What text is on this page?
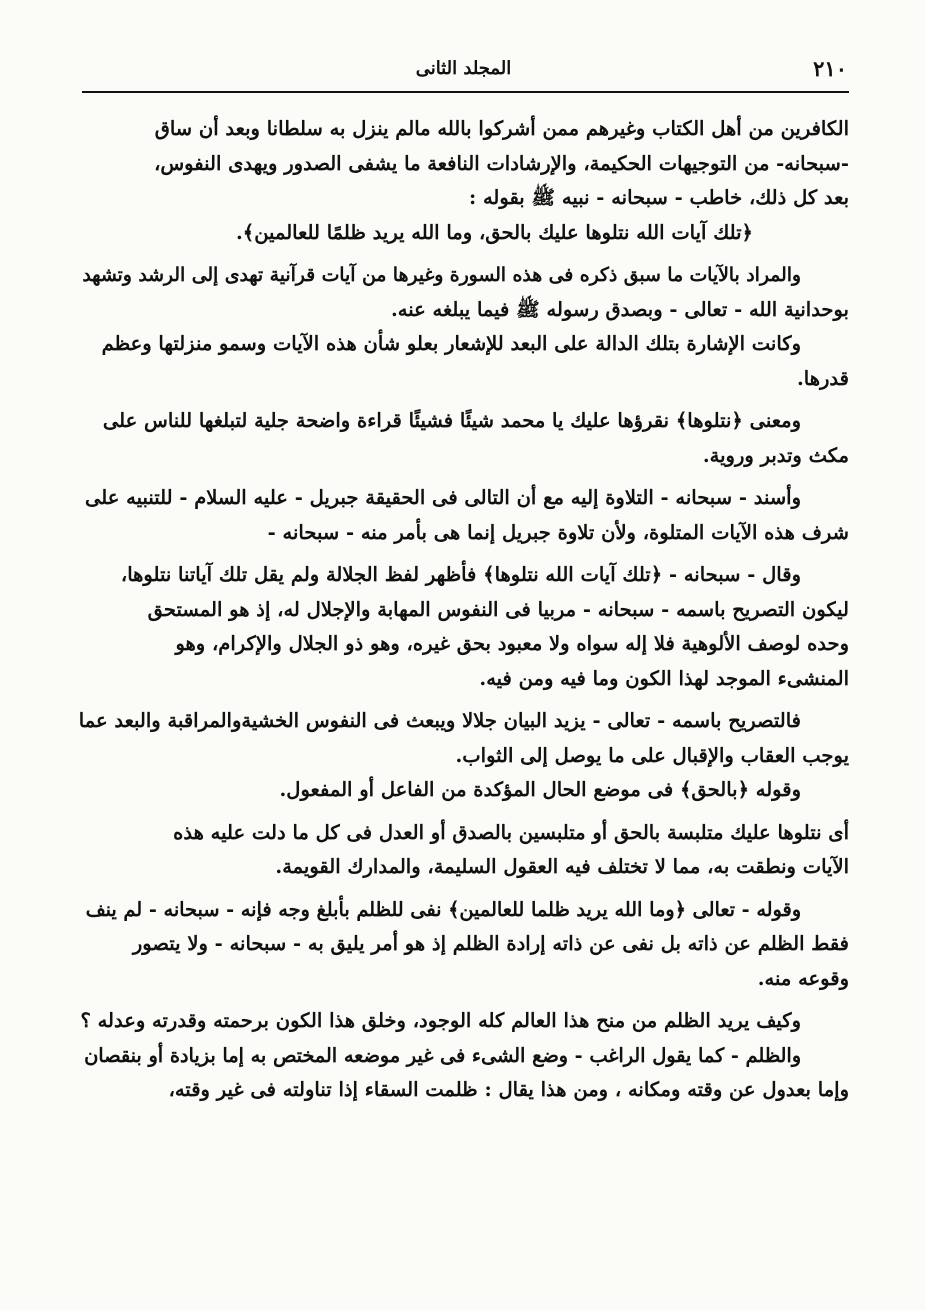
٢١٠
المجلد الثانى
الكافرين من أهل الكتاب وغيرهم ممن أشركوا بالله مالم ينزل به سلطانا وبعد أن ساق
-سبحانه- من التوجيهات الحكيمة، والإرشادات النافعة ما يشفى الصدور ويهدى النفوس،
بعد كل ذلك، خاطب - سبحانه - نبيه ﷺ بقوله :
﴿تلك آيات الله نتلوها عليك بالحق، وما الله يريد ظلمًا للعالمين﴾.
والمراد بالآيات ما سبق ذكره فى هذه السورة وغيرها من آيات قرآنية تهدى إلى الرشد وتشهد
بوحدانية الله - تعالى - وبصدق رسوله ﷺ فيما يبلغه عنه.
وكانت الإشارة بتلك الدالة على البعد للإشعار بعلو شأن هذه الآيات وسمو منزلتها وعظم
قدرها.
ومعنى ﴿نتلوها﴾ نقرؤها عليك يا محمد شيئًا فشيئًا قراءة واضحة جلية لتبلغها للناس على
مكث وتدبر وروية.
وأسند - سبحانه - التلاوة إليه مع أن التالى فى الحقيقة جبريل - عليه السلام - للتنبيه على
شرف هذه الآيات المتلوة، ولأن تلاوة جبريل إنما هى بأمر منه - سبحانه -
وقال - سبحانه - ﴿تلك آيات الله نتلوها﴾ فأظهر لفظ الجلالة ولم يقل تلك آياتنا نتلوها،
ليكون التصريح باسمه - سبحانه - مربيا فى النفوس المهابة والإجلال له، إذ هو المستحق
وحده لوصف الألوهية فلا إله سواه ولا معبود بحق غيره، وهو ذو الجلال والإكرام، وهو
المنشىء الموجد لهذا الكون وما فيه ومن فيه.
فالتصريح باسمه - تعالى - يزيد البيان جلالا ويبعث فى النفوس الخشيةوالمراقبة والبعد عما
يوجب العقاب والإقبال على ما يوصل إلى الثواب.
وقوله ﴿بالحق﴾ فى موضع الحال المؤكدة من الفاعل أو المفعول.
أى نتلوها عليك متلبسة بالحق أو متلبسين بالصدق أو العدل فى كل ما دلت عليه هذه
الآيات ونطقت به، مما لا تختلف فيه العقول السليمة، والمدارك القويمة.
وقوله - تعالى ﴿وما الله يريد ظلما للعالمين﴾ نفى للظلم بأبلغ وجه فإنه - سبحانه - لم ينف
فقط الظلم عن ذاته بل نفى عن ذاته إرادة الظلم إذ هو أمر يليق به - سبحانه - ولا يتصور
وقوعه منه.
وكيف يريد الظلم من منح هذا العالم كله الوجود، وخلق هذا الكون برحمته وقدرته وعدله ؟
والظلم - كما يقول الراغب - وضع الشىء فى غير موضعه المختص به إما بزيادة أو بنقصان
وإما بعدول عن وقته ومكانه ، ومن هذا يقال : ظلمت السقاء إذا تناولته فى غير وقته،
